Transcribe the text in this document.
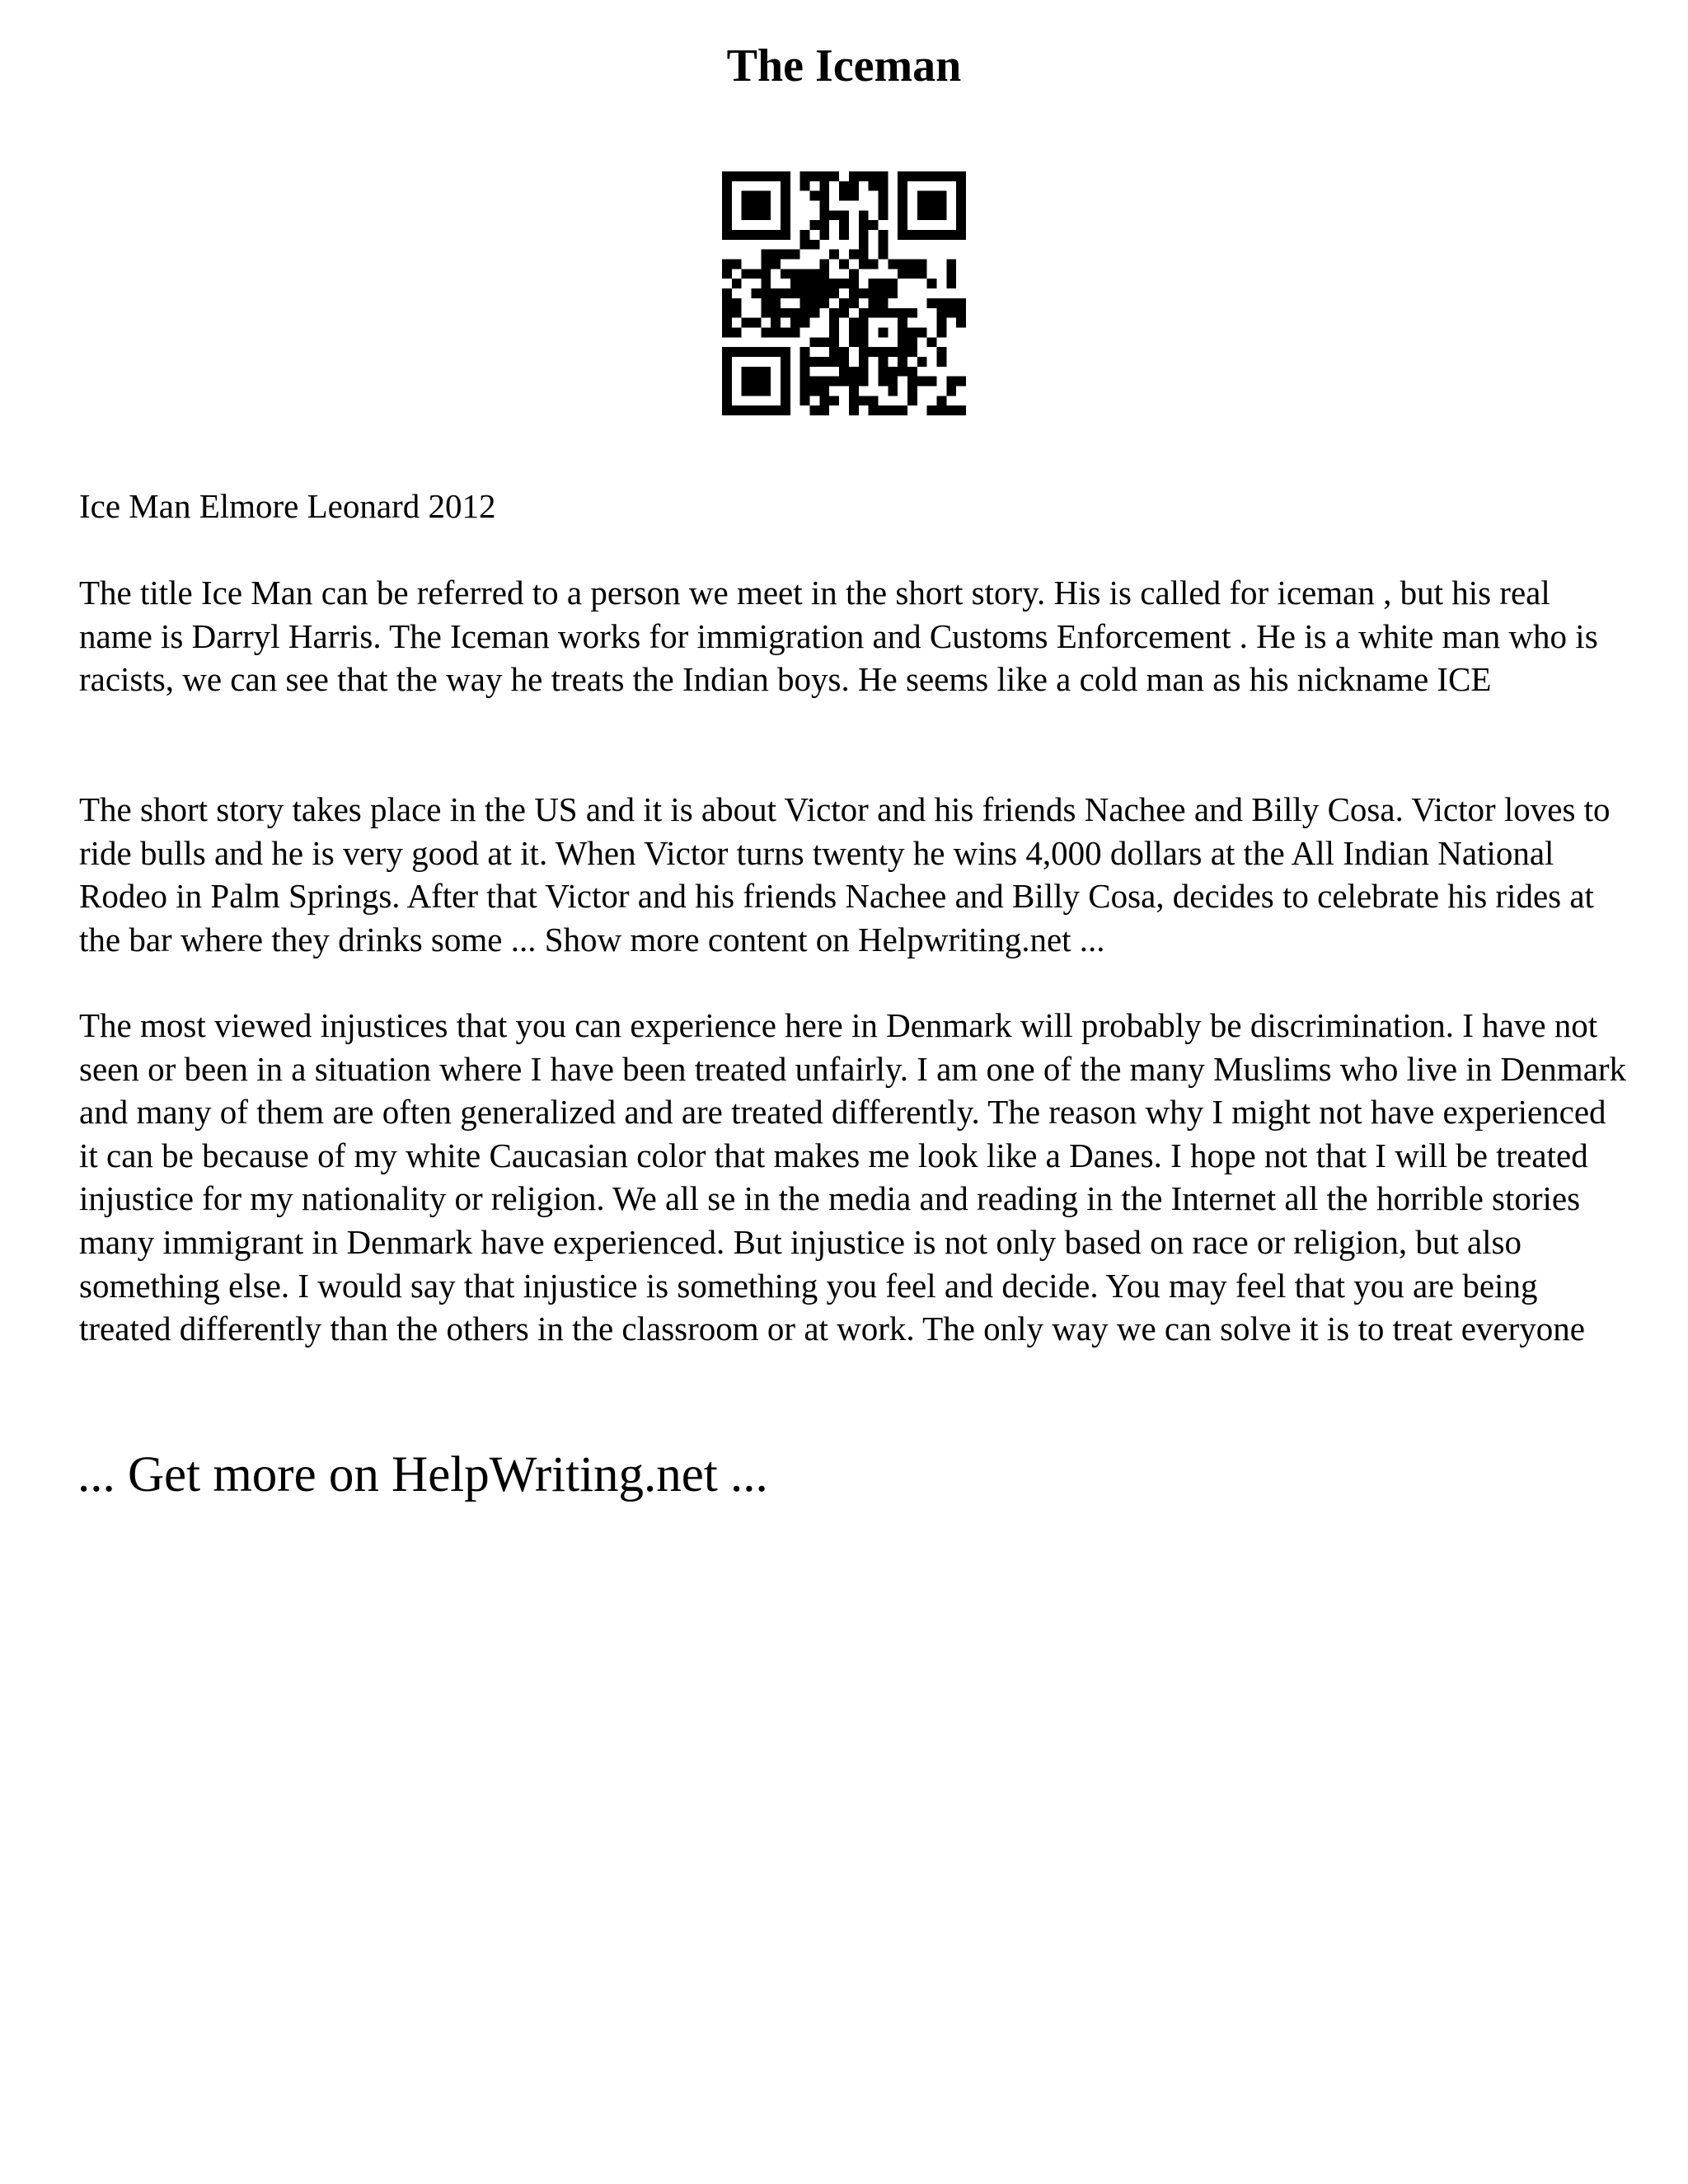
The Iceman

Ice Man Elmore Leonard 2012

The title Ice Man can be referred to a person we meet in the short story. His is called for iceman , but his real name is Darryl Harris. The Iceman works for immigration and Customs Enforcement . He is a white man who is racists, we can see that the way he treats the Indian boys. He seems like a cold man as his nickname ICE

The short story takes place in the US and it is about Victor and his friends Nachee and Billy Cosa. Victor loves to ride bulls and he is very good at it. When Victor turns twenty he wins 4,000 dollars at the All Indian National Rodeo in Palm Springs. After that Victor and his friends Nachee and Billy Cosa, decides to celebrate his rides at the bar where they drinks some ... Show more content on Helpwriting.net ...

The most viewed injustices that you can experience here in Denmark will probably be discrimination. I have not seen or been in a situation where I have been treated unfairly. I am one of the many Muslims who live in Denmark and many of them are often generalized and are treated differently. The reason why I might not have experienced it can be because of my white Caucasian color that makes me look like a Danes. I hope not that I will be treated injustice for my nationality or religion. We all se in the media and reading in the Internet all the horrible stories many immigrant in Denmark have experienced. But injustice is not only based on race or religion, but also something else. I would say that injustice is something you feel and decide. You may feel that you are being treated differently than the others in the classroom or at work. The only way we can solve it is to treat everyone

... Get more on HelpWriting.net ...
